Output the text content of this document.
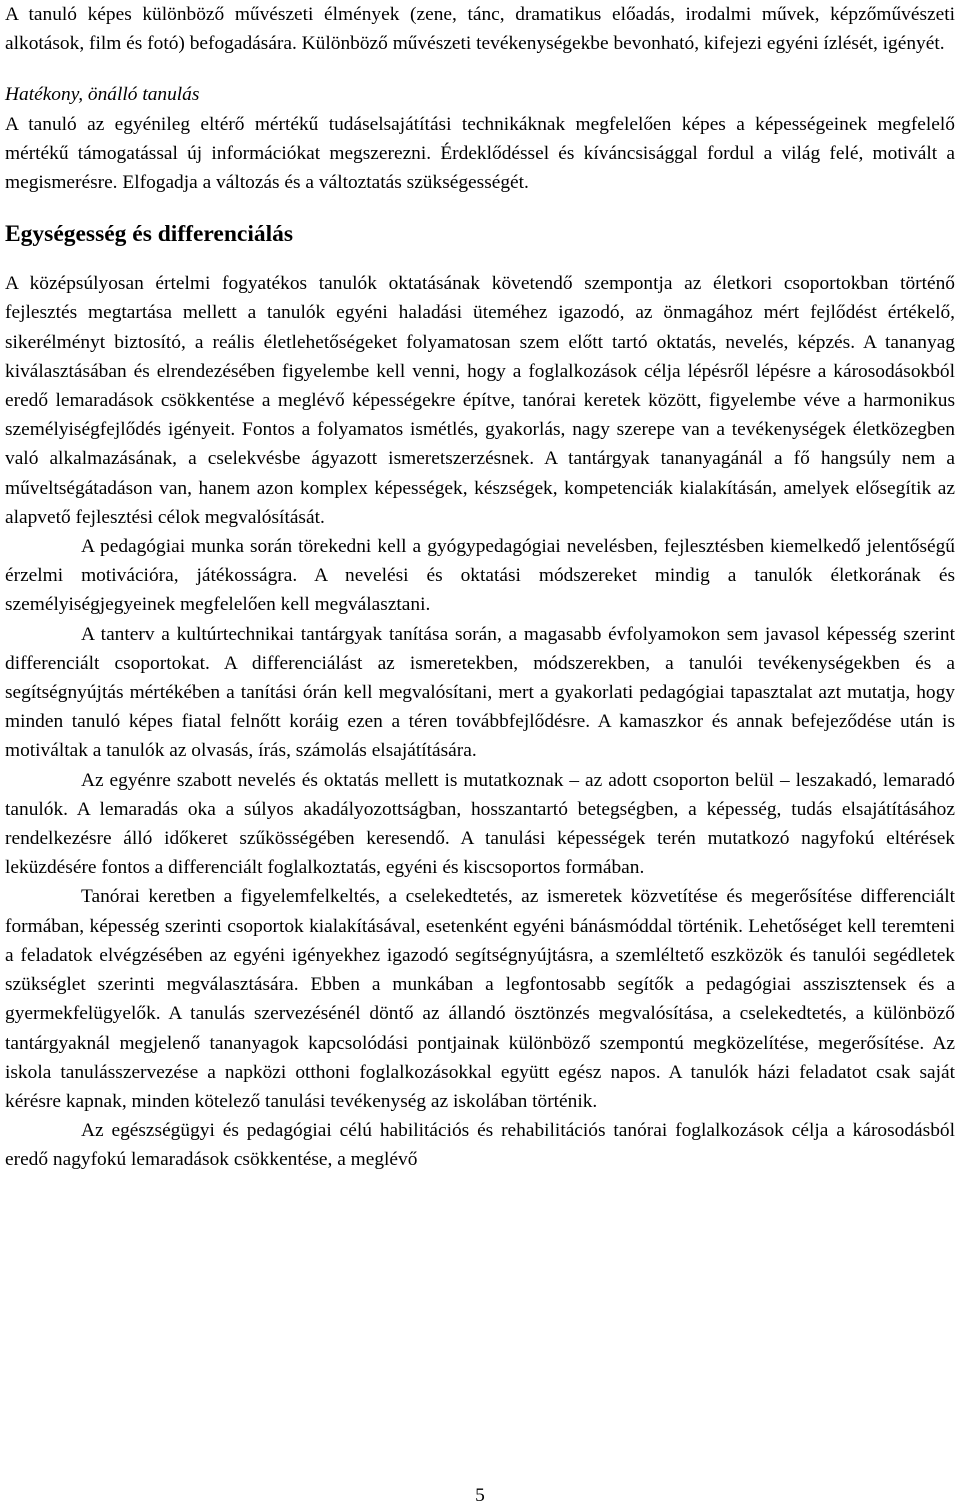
A tanuló képes különböző művészeti élmények (zene, tánc, dramatikus előadás, irodalmi művek, képzőművészeti alkotások, film és fotó) befogadására. Különböző művészeti tevékenységekbe bevonható, kifejezi egyéni ízlését, igényét.

Hatékony, önálló tanulás

A tanuló az egyénileg eltérő mértékű tudáselsajátítási technikáknak megfelelően képes a képességeinek megfelelő mértékű támogatással új információkat megszerezni. Érdeklődéssel és kíváncsisággal fordul a világ felé, motivált a megismerésre. Elfogadja a változás és a változtatás szükségességét.

Egységesség és differenciálás

A középsúlyosan értelmi fogyatékos tanulók oktatásának követendő szempontja az életkori csoportokban történő fejlesztés megtartása mellett a tanulók egyéni haladási üteméhez igazodó, az önmagához mért fejlődést értékelő, sikerélményt biztosító, a reális életlehetőségeket folyamatosan szem előtt tartó oktatás, nevelés, képzés. A tananyag kiválasztásában és elrendezésében figyelembe kell venni, hogy a foglalkozások célja lépésről lépésre a károsodásokból eredő lemaradások csökkentése a meglévő képességekre építve, tanórai keretek között, figyelembe véve a harmonikus személyiségfejlődés igényeit. Fontos a folyamatos ismétlés, gyakorlás, nagy szerepe van a tevékenységek életközegben való alkalmazásának, a cselekvésbe ágyazott ismeretszerzésnek. A tantárgyak tananyagánál a fő hangsúly nem a műveltségátadáson van, hanem azon komplex képességek, készségek, kompetenciák kialakításán, amelyek elősegítik az alapvető fejlesztési célok megvalósítását.

A pedagógiai munka során törekedni kell a gyógypedagógiai nevelésben, fejlesztésben kiemelkedő jelentőségű érzelmi motivációra, játékosságra. A nevelési és oktatási módszereket mindig a tanulók életkorának és személyiségjegyeinek megfelelően kell megválasztani.

A tanterv a kultúrtechnikai tantárgyak tanítása során, a magasabb évfolyamokon sem javasol képesség szerint differenciált csoportokat. A differenciálást az ismeretekben, módszerekben, a tanulói tevékenységekben és a segítségnyújtás mértékében a tanítási órán kell megvalósítani, mert a gyakorlati pedagógiai tapasztalat azt mutatja, hogy minden tanuló képes fiatal felnőtt koráig ezen a téren továbbfejlődésre. A kamaszkor és annak befejeződése után is motiváltak a tanulók az olvasás, írás, számolás elsajátítására.

Az egyénre szabott nevelés és oktatás mellett is mutatkoznak – az adott csoporton belül – leszakadó, lemaradó tanulók. A lemaradás oka a súlyos akadályozottságban, hosszantartó betegségben, a képesség, tudás elsajátításához rendelkezésre álló időkeret szűkösségében keresendő. A tanulási képességek terén mutatkozó nagyfokú eltérések leküzdésére fontos a differenciált foglalkoztatás, egyéni és kiscsoportos formában.

Tanórai keretben a figyelemfelkeltés, a cselekedtetés, az ismeretek közvetítése és megerősítése differenciált formában, képesség szerinti csoportok kialakításával, esetenként egyéni bánásmóddal történik. Lehetőséget kell teremteni a feladatok elvégzésében az egyéni igényekhez igazodó segítségnyújtásra, a szemléltető eszközök és tanulói segédletek szükséglet szerinti megválasztására. Ebben a munkában a legfontosabb segítők a pedagógiai asszisztensek és a gyermekfelügyelők. A tanulás szervezésénél döntő az állandó ösztönzés megvalósítása, a cselekedtetés, a különböző tantárgyaknál megjelenő tananyagok kapcsolódási pontjainak különböző szempontú megközelítése, megerősítése. Az iskola tanulásszervezése a napközi otthoni foglalkozásokkal együtt egész napos. A tanulók házi feladatot csak saját kérésre kapnak, minden kötelező tanulási tevékenység az iskolában történik.

Az egészségügyi és pedagógiai célú habilitációs és rehabilitációs tanórai foglalkozások célja a károsodásból eredő nagyfokú lemaradások csökkentése, a meglévő

5
